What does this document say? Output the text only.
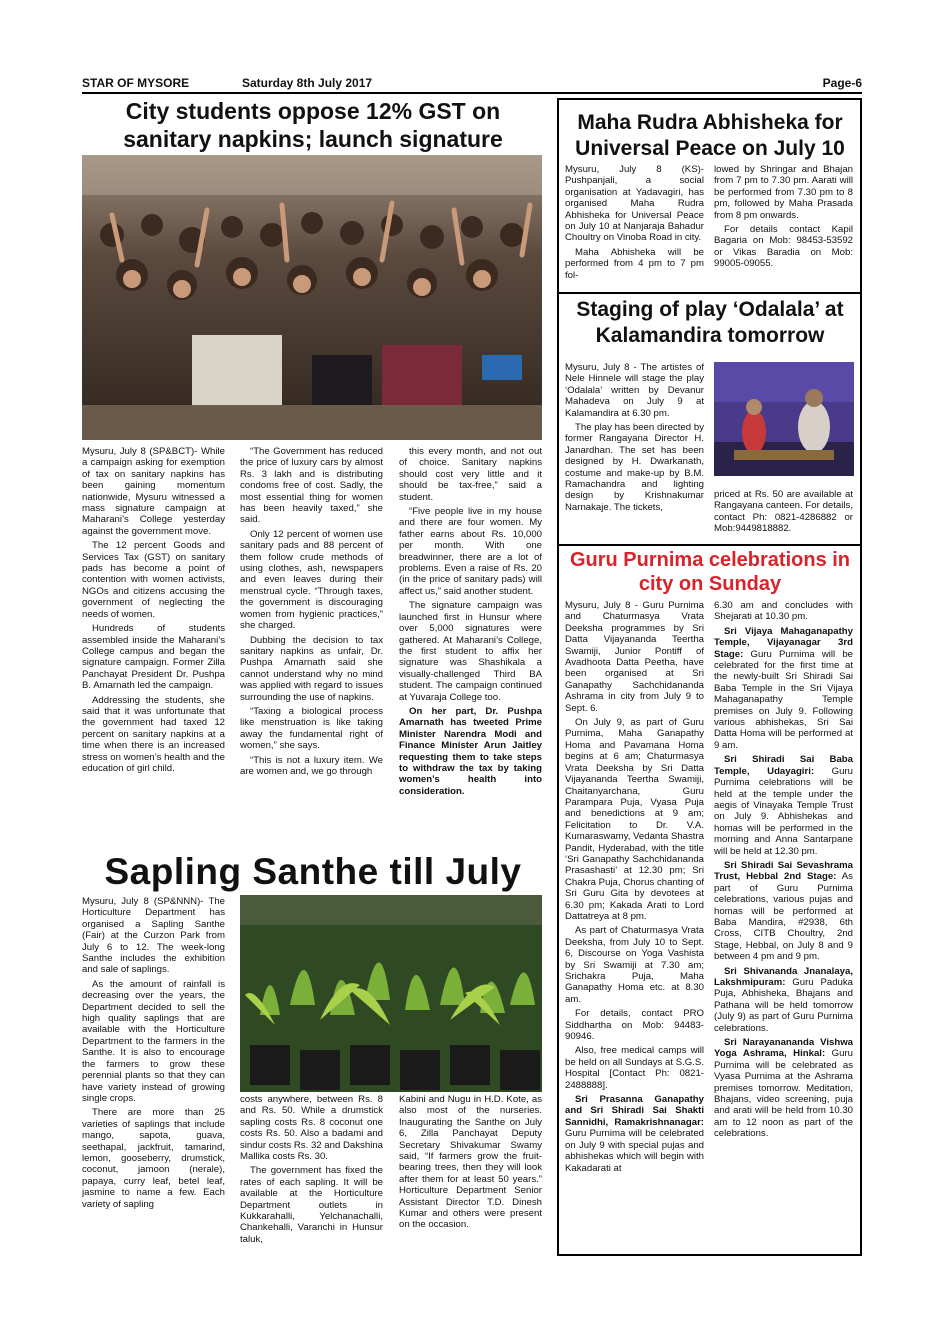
STAR OF MYSORE	Saturday 8th July 2017	Page-6
City students oppose 12% GST on sanitary napkins; launch signature

Mysuru, July 8 (SP&BCT)- While a campaign asking for exemption of tax on sanitary napkins has been gaining momentum nationwide, Mysuru witnessed a mass signature campaign at Maharani’s College yesterday against the government move.

The 12 percent Goods and Services Tax (GST) on sanitary pads has become a point of contention with women activists, NGOs and citizens accusing the government of neglecting the needs of women.

Hundreds of students assembled inside the Maharani’s College campus and began the signature campaign. Former Zilla Panchayat President Dr. Pushpa B. Amarnath led the campaign.

Addressing the students, she said that it was unfortunate that the government had taxed 12 percent on sanitary napkins at a time when there is an increased stress on women’s health and the education of girl child.

“The Government has reduced the price of luxury cars by almost Rs. 3 lakh and is distributing condoms free of cost. Sadly, the most essential thing for women has been heavily taxed,” she said.

Only 12 percent of women use sanitary pads and 88 percent of them follow crude methods of using clothes, ash, newspapers and even leaves during their menstrual cycle. “Through taxes, the government is discouraging women from hygienic practices,” she charged.

Dubbing the decision to tax sanitary napkins as unfair, Dr. Pushpa Amarnath said she cannot understand why no mind was applied with regard to issues surrounding the use of napkins.

“Taxing a biological process like menstruation is like taking away the fundamental right of women,” she says.

“This is not a luxury item. We are women and, we go through

this every month, and not out of choice. Sanitary napkins should cost very little and it should be tax-free,” said a student.

“Five people live in my house and there are four women. My father earns about Rs. 10,000 per month. With one breadwinner, there are a lot of problems. Even a raise of Rs. 20 (in the price of sanitary pads) will affect us,” said another student.

The signature campaign was launched first in Hunsur where over 5,000 signatures were gathered. At Maharani’s College, the first student to affix her signature was Shashikala a visually-challenged Third BA student. The campaign continued at Yuvaraja College too.

On her part, Dr. Pushpa Amarnath has tweeted Prime Minister Narendra Modi and Finance Minister Arun Jaitley requesting them to take steps to withdraw the tax by taking women’s health into consideration.

Sapling Santhe till July

Mysuru, July 8 (SP&NNN)- The Horticulture Department has organised a Sapling Santhe (Fair) at the Curzon Park from July 6 to 12. The week-long Santhe includes the exhibition and sale of saplings.

As the amount of rainfall is decreasing over the years, the Department decided to sell the high quality saplings that are available with the Horticulture Department to the farmers in the Santhe. It is also to encourage the farmers to grow these perennial plants so that they can have variety instead of growing single crops.

There are more than 25 varieties of saplings that include mango, sapota, guava, seethapal, jackfruit, tamarind, lemon, gooseberry, drumstick, coconut, jamoon (nerale), papaya, curry leaf, betel leaf, jasmine to name a few. Each variety of sapling

costs anywhere, between Rs. 8 and Rs. 50. While a drumstick sapling costs Rs. 8 coconut one costs Rs. 50. Also a badami and sindur costs Rs. 32 and Dakshina Mallika costs Rs. 30.

The government has fixed the rates of each sapling. It will be available at the Horticulture Department outlets in Kukkarahalli, Yelchanachalli, Chankehalli, Varanchi in Hunsur taluk,

Kabini and Nugu in H.D. Kote, as also most of the nurseries. Inaugurating the Santhe on July 6, Zilla Panchayat Deputy Secretary Shivakumar Swamy said, “If farmers grow the fruit-bearing trees, then they will look after them for at least 50 years.” Horticulture Department Senior Assistant Director T.D. Dinesh Kumar and others were present on the occasion.

Maha Rudra Abhisheka for Universal Peace on July 10

Mysuru, July 8 (KS)- Pushpanjali, a social organisation at Yadavagiri, has organised Maha Rudra Abhisheka for Universal Peace on July 10 at Nanjaraja Bahadur Choultry on Vinoba Road in city.

Maha Abhisheka will be performed from 4 pm to 7 pm fol-

lowed by Shringar and Bhajan from 7 pm to 7.30 pm. Aarati will be performed from 7.30 pm to 8 pm, followed by Maha Prasada from 8 pm onwards.

For details contact Kapil Bagaria on Mob: 98453-53592 or Vikas Baradia on Mob: 99005-09055.

Staging of play ‘Odalala’ at Kalamandira tomorrow

Mysuru, July 8 - The artistes of Nele Hinnele will stage the play ‘Odalala’ written by Devanur Mahadeva on July 9 at Kalamandira at 6.30 pm.

The play has been directed by former Rangayana Director H. Janardhan. The set has been designed by H. Dwarkanath, costume and make-up by B.M. Ramachandra and lighting design by Krishnakumar Narnakaje. The tickets,

priced at Rs. 50 are available at Rangayana canteen. For details, contact Ph: 0821-4286882 or Mob:9449818882.

Guru Purnima celebrations in city on Sunday

Mysuru, July 8 - Guru Purnima and Chaturmasya Vrata Deeksha programmes by Sri Datta Vijayananda Teertha Swamiji, Junior Pontiff of Avadhoota Datta Peetha, have been organised at Sri Ganapathy Sachchidananda Ashrama in city from July 9 to Sept. 6.

On July 9, as part of Guru Purnima, Maha Ganapathy Homa and Pavamana Homa begins at 6 am; Chaturmasya Vrata Deeksha by Sri Datta Vijayananda Teertha Swamiji, Chaitanyarchana, Guru Paramparа Puja, Vyasa Puja and benedictions at 9 am; Felicitation to Dr. V.A. Kumaraswamy, Vedanta Shastra Pandit, Hyderabad, with the title ‘Sri Ganapathy Sachchidananda Prasashasti’ at 12.30 pm; Sri Chakra Puja, Chorus chanting of Sri Guru Gita by devotees at 6.30 pm; Kakada Arati to Lord Dattatreya at 8 pm.

As part of Chaturmasya Vrata Deeksha, from July 10 to Sept. 6, Discourse on Yoga Vashista by Sri Swamiji at 7.30 am; Srichakra Puja, Maha Ganapathy Homa etc. at 8.30 am.

For details, contact PRO Siddhartha on Mob: 94483-90946.

Also, free medical camps will be held on all Sundays at S.G.S. Hospital [Contact Ph: 0821-2488888].

Sri Prasanna Ganapathy and Sri Shiradi Sai Shakti Sannidhi, Ramakrishnanagar: Guru Purnima will be celebrated on July 9 with special pujas and abhishekas which will begin with Kakadarati at

6.30 am and concludes with Shejarati at 10.30 pm.

Sri Vijaya Mahaganapathy Temple, Vijayanagar 3rd Stage: Guru Purnima will be celebrated for the first time at the newly-built Sri Shiradi Sai Baba Temple in the Sri Vijaya Mahaganapathy Temple premises on July 9. Following various abhishekas, Sri Sai Datta Homa will be performed at 9 am.

Sri Shiradi Sai Baba Temple, Udayagiri: Guru Purnima celebrations will be held at the temple under the aegis of Vinayaka Temple Trust on July 9. Abhishekas and homas will be performed in the morning and Anna Santarpane will be held at 12.30 pm.

Sri Shiradi Sai Sevashrama Trust, Hebbal 2nd Stage: As part of Guru Purnima celebrations, various pujas and homas will be performed at Baba Mandira, #2938, 6th Cross, CITB Choultry, 2nd Stage, Hebbal, on July 8 and 9 between 4 pm and 9 pm.

Sri Shivananda Jnanalaya, Lakshmipuram: Guru Paduka Puja, Abhisheka, Bhajans and Pathana will be held tomorrow (July 9) as part of Guru Purnima celebrations.

Sri Narayanananda Vishwa Yoga Ashrama, Hinkal: Guru Purnima will be celebrated as Vyasa Purnima at the Ashrama premises tomorrow. Meditation, Bhajans, video screening, puja and arati will be held from 10.30 am to 12 noon as part of the celebrations.
